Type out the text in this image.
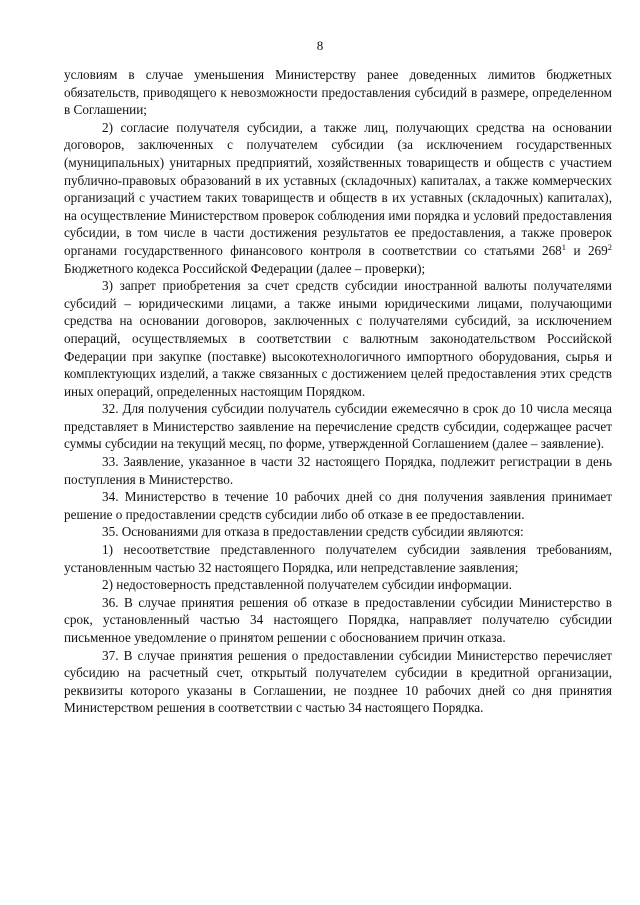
8

условиям в случае уменьшения Министерству ранее доведенных лимитов бюджетных обязательств, приводящего к невозможности предоставления субсидий в размере, определенном в Соглашении;

2) согласие получателя субсидии, а также лиц, получающих средства на основании договоров, заключенных с получателем субсидии (за исключением государственных (муниципальных) унитарных предприятий, хозяйственных товариществ и обществ с участием публично-правовых образований в их уставных (складочных) капиталах, а также коммерческих организаций с участием таких товариществ и обществ в их уставных (складочных) капиталах), на осуществление Министерством проверок соблюдения ими порядка и условий предоставления субсидии, в том числе в части достижения результатов ее предоставления, а также проверок органами государственного финансового контроля в соответствии со статьями $268^1$ и $269^2$ Бюджетного кодекса Российской Федерации (далее – проверки);

3) запрет приобретения за счет средств субсидии иностранной валюты получателями субсидий – юридическими лицами, а также иными юридическими лицами, получающими средства на основании договоров, заключенных с получателями субсидий, за исключением операций, осуществляемых в соответствии с валютным законодательством Российской Федерации при закупке (поставке) высокотехнологичного импортного оборудования, сырья и комплектующих изделий, а также связанных с достижением целей предоставления этих средств иных операций, определенных настоящим Порядком.

32. Для получения субсидии получатель субсидии ежемесячно в срок до 10 числа месяца представляет в Министерство заявление на перечисление средств субсидии, содержащее расчет суммы субсидии на текущий месяц, по форме, утвержденной Соглашением (далее – заявление).

33. Заявление, указанное в части 32 настоящего Порядка, подлежит регистрации в день поступления в Министерство.

34. Министерство в течение 10 рабочих дней со дня получения заявления принимает решение о предоставлении средств субсидии либо об отказе в ее предоставлении.

35. Основаниями для отказа в предоставлении средств субсидии являются:

1) несоответствие представленного получателем субсидии заявления требованиям, установленным частью 32 настоящего Порядка, или непредставление заявления;

2) недостоверность представленной получателем субсидии информации.

36. В случае принятия решения об отказе в предоставлении субсидии Министерство в срок, установленный частью 34 настоящего Порядка, направляет получателю субсидии письменное уведомление о принятом решении с обоснованием причин отказа.

37. В случае принятия решения о предоставлении субсидии Министерство перечисляет субсидию на расчетный счет, открытый получателем субсидии в кредитной организации, реквизиты которого указаны в Соглашении, не позднее 10 рабочих дней со дня принятия Министерством решения в соответствии с частью 34 настоящего Порядка.
